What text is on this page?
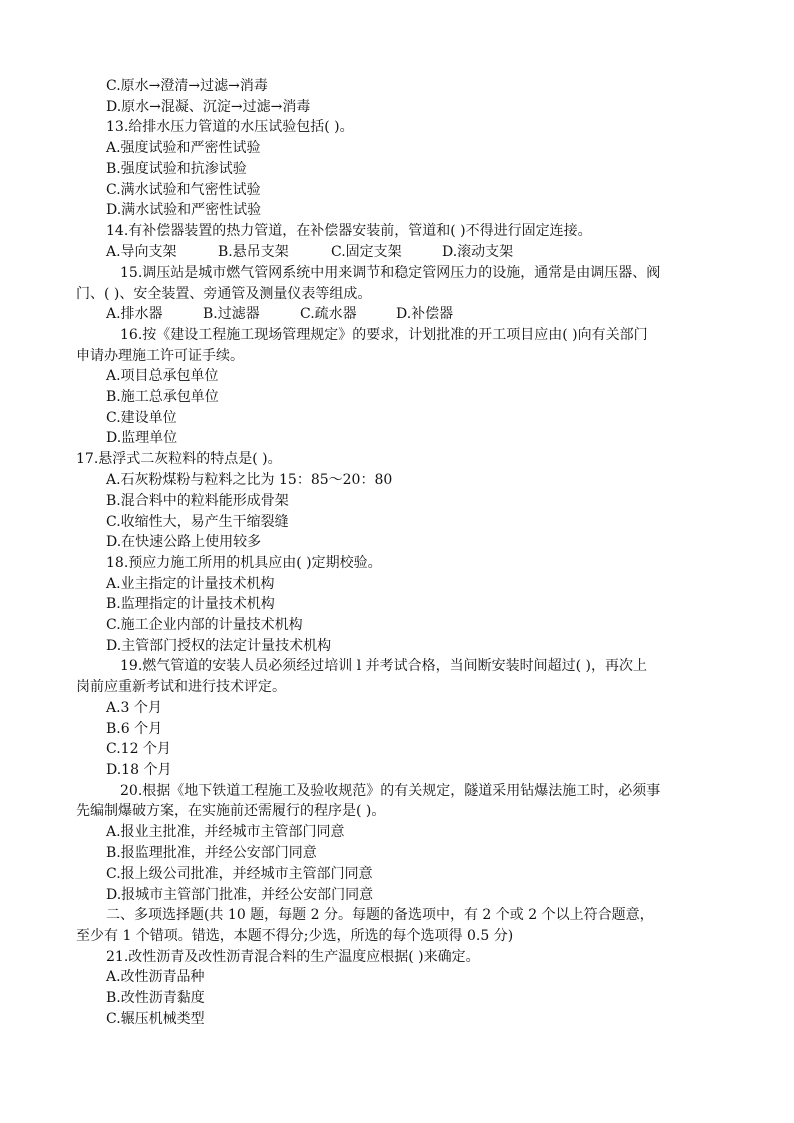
C.原水→澄清→过滤→消毒
D.原水→混凝、沉淀→过滤→消毒
13.给排水压力管道的水压试验包括( )。
A.强度试验和严密性试验
B.强度试验和抗渗试验
C.满水试验和气密性试验
D.满水试验和严密性试验
14.有补偿器装置的热力管道，在补偿器安装前，管道和( )不得进行固定连接。
A.导向支架	B.悬吊支架	C.固定支架	D.滚动支架
15.调压站是城市燃气管网系统中用来调节和稳定管网压力的设施，通常是由调压器、阀
门、( )、安全装置、旁通管及测量仪表等组成。
A.排水器	B.过滤器	C.疏水器	D.补偿器
16.按《建设工程施工现场管理规定》的要求，计划批准的开工项目应由( )向有关部门
申请办理施工许可证手续。
A.项目总承包单位
B.施工总承包单位
C.建设单位
D.监理单位
17.悬浮式二灰粒料的特点是( )。
A.石灰粉煤粉与粒料之比为 15：85～20：80
B.混合料中的粒料能形成骨架
C.收缩性大，易产生干缩裂缝
D.在快速公路上使用较多
18.预应力施工所用的机具应由( )定期校验。
A.业主指定的计量技术机构
B.监理指定的计量技术机构
C.施工企业内部的计量技术机构
D.主管部门授权的法定计量技术机构
19.燃气管道的安装人员必须经过培训 l 并考试合格，当间断安装时间超过( )，再次上
岗前应重新考试和进行技术评定。
A.3 个月
B.6 个月
C.12 个月
D.18 个月
20.根据《地下铁道工程施工及验收规范》的有关规定，隧道采用钻爆法施工时，必须事
先编制爆破方案，在实施前还需履行的程序是( )。
A.报业主批准，并经城市主管部门同意
B.报监理批准，并经公安部门同意
C.报上级公司批准，并经城市主管部门同意
D.报城市主管部门批准，并经公安部门同意
二、多项选择题(共 10 题，每题 2 分。每题的备选项中，有 2 个或 2 个以上符合题意，
至少有 1 个错项。错选，本题不得分;少选，所选的每个选项得 0.5 分)
21.改性沥青及改性沥青混合料的生产温度应根据( )来确定。
A.改性沥青品种
B.改性沥青黏度
C.辗压机械类型
